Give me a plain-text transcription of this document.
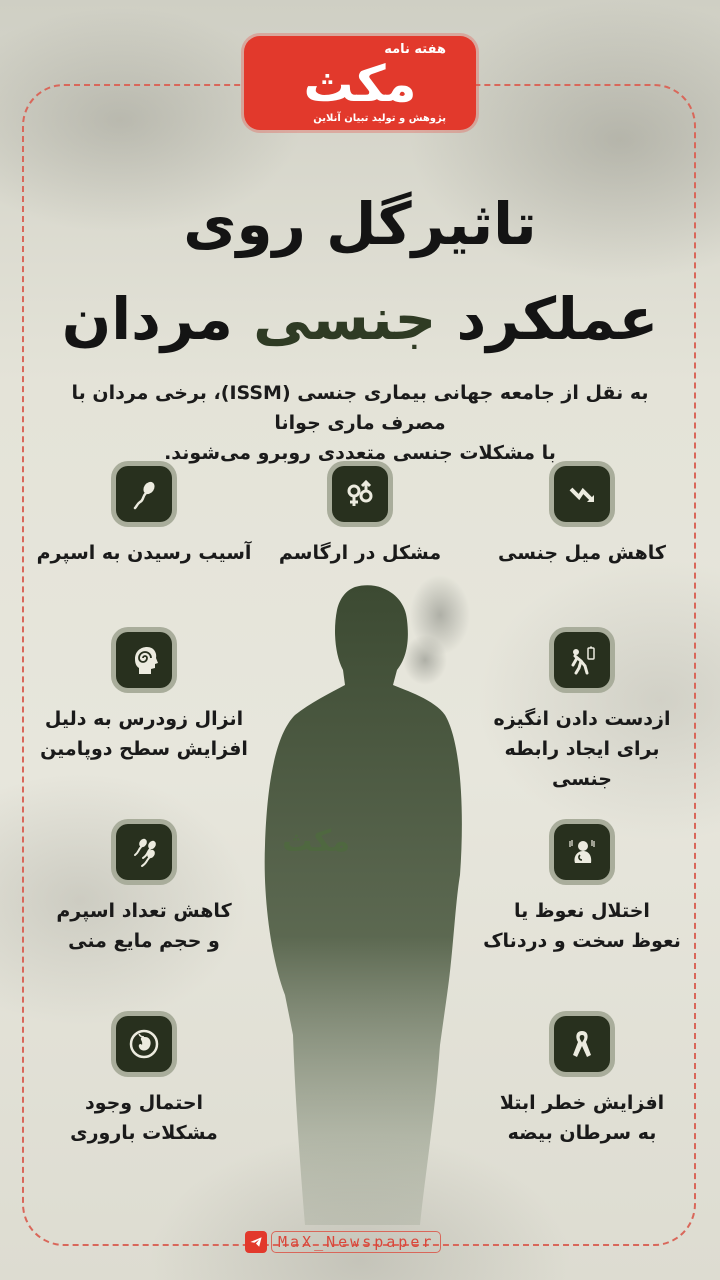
هفته نامه
مکث
پژوهش و تولید تبیان آنلاین
تاثیرگل روی
عملکرد جنسی مردان
به نقل از جامعه جهانی بیماری جنسی (ISSM)، برخی مردان با مصرف ماری جوانا
با مشکلات جنسی متعددی روبرو می‌شوند.
مکث
کاهش میل جنسی
مشکل در ارگاسم
آسیب رسیدن به اسپرم
ازدست دادن انگیزه
برای ایجاد رابطه جنسی
انزال زودرس به دلیل
افزایش سطح دوپامین
اختلال نعوظ یا
نعوظ سخت و دردناک
کاهش تعداد اسپرم
و حجم مایع منی
افزایش خطر ابتلا
به سرطان بیضه
احتمال وجود
مشکلات باروری
MaX_Newspaper
